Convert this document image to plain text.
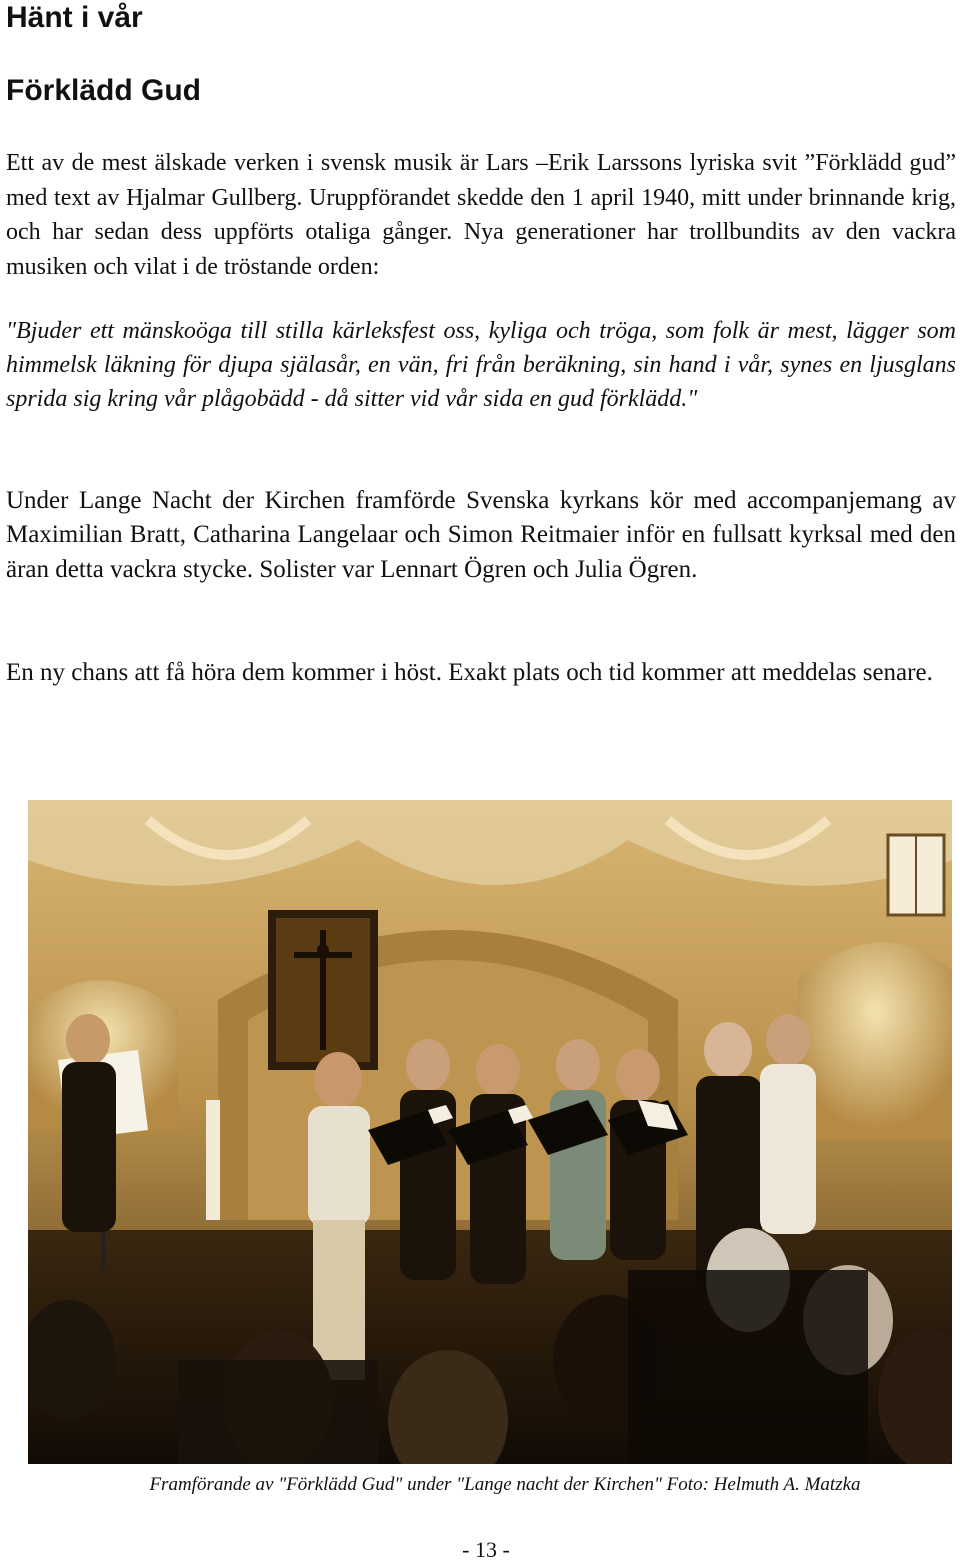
Hänt i vår
Förklädd Gud

Ett av de mest älskade verken i svensk musik är Lars –Erik Larssons lyriska svit ”Förklädd gud” med text av Hjalmar Gullberg. Uruppförandet skedde den 1 april 1940, mitt under brinnande krig, och har sedan dess uppförts otaliga gånger. Nya generationer har trollbundits av den vackra musiken och vilat i de tröstande orden:

"Bjuder ett mänskoöga till stilla kärleksfest oss, kyliga och tröga, som folk är mest, lägger som himmelsk läkning för djupa själasår, en vän, fri från beräkning, sin hand i vår, synes en ljusglans sprida sig kring vår plågobädd - då sitter vid vår sida en gud förklädd."

Under Lange Nacht der Kirchen framförde Svenska kyrkans kör med accompanjemang av Maximilian Bratt, Catharina Langelaar och Simon Reitmaier inför en fullsatt kyrksal med den äran detta vackra stycke. Solister var Lennart Ögren och Julia Ögren.

En ny chans att få höra dem kommer i höst. Exakt plats och tid kommer att meddelas senare.

Framförande av "Förklädd Gud" under "Lange nacht der Kirchen" Foto: Helmuth A. Matzka

- 13 -
